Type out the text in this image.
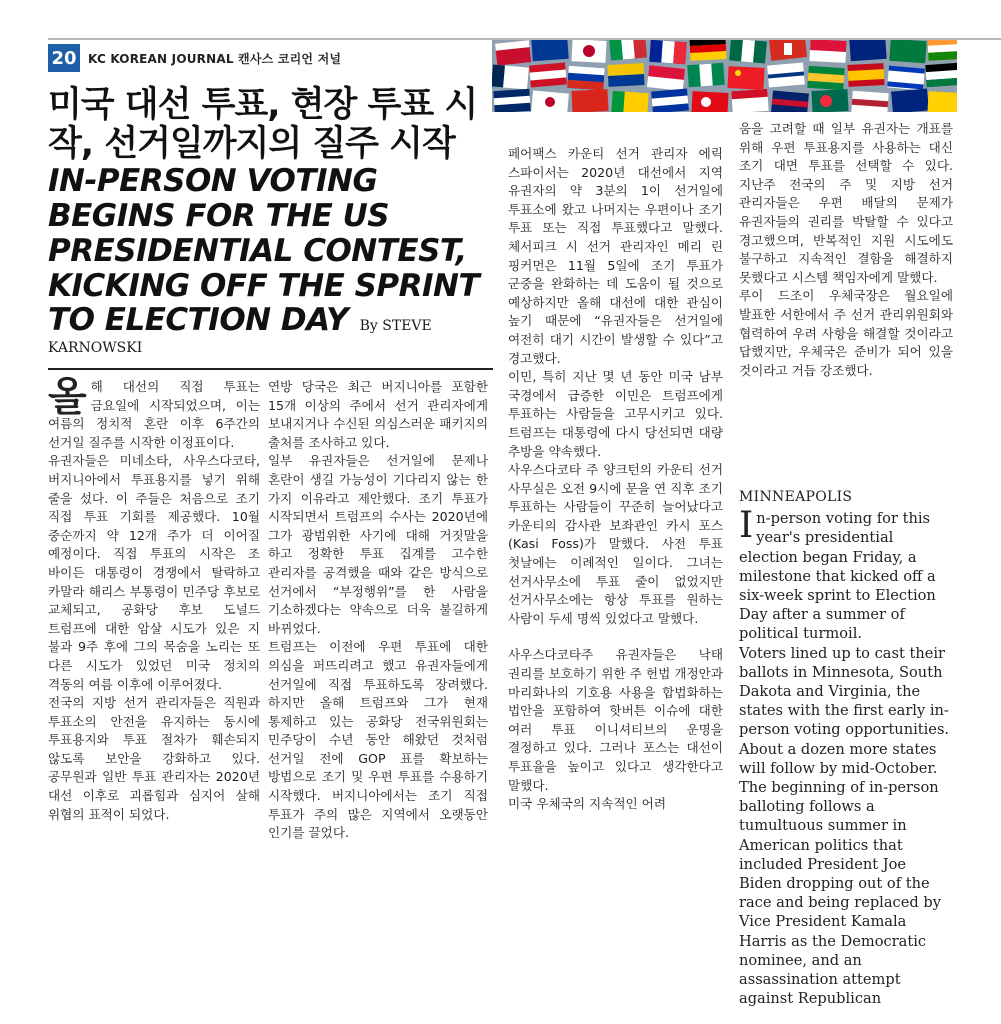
20 KC KOREAN JOURNAL 캔사스 코리언 저널
미국 대선 투표, 현장 투표 시작, 선거일까지의 질주 시작 IN-PERSON VOTING BEGINS FOR THE US PRESIDENTIAL CONTEST, KICKING OFF THE SPRINT TO ELECTION DAY By STEVE KARNOWSKI

올해 대선의 직접 투표는 금요일에 시작되었으며, 이는 여름의 정치적 혼란 이후 6주간의 선거일 질주를 시작한 이정표이다.

유권자들은 미네소타, 사우스다코타, 버지니아에서 투표용지를 넣기 위해 줄을 섰다. 이 주들은 처음으로 조기 직접 투표 기회를 제공했다. 10월 중순까지 약 12개 주가 더 이어질 예정이다. 직접 투표의 시작은 조 바이든 대통령이 경쟁에서 탈락하고 카말라 해리스 부통령이 민주당 후보로 교체되고, 공화당 후보 도널드 트럼프에 대한 암살 시도가 있은 지 불과 9주 후에 그의 목숨을 노리는 또 다른 시도가 있었던 미국 정치의 격동의 여름 이후에 이루어졌다.

전국의 지방 선거 관리자들은 직원과 투표소의 안전을 유지하는 동시에 투표용지와 투표 절차가 훼손되지 않도록 보안을 강화하고 있다. 공무원과 일반 투표 관리자는 2020년 대선 이후로 괴롭힘과 심지어 살해 위협의 표적이 되었다.

연방 당국은 최근 버지니아를 포함한 15개 이상의 주에서 선거 관리자에게 보내지거나 수신된 의심스러운 패키지의 출처를 조사하고 있다.

일부 유권자들은 선거일에 문제나 혼란이 생길 가능성이 기다리지 않는 한 가지 이유라고 제안했다. 조기 투표가 시작되면서 트럼프의 수사는 2020년에 그가 광범위한 사기에 대해 거짓말을 하고 정확한 투표 집계를 고수한 관리자를 공격했을 때와 같은 방식으로 선거에서 “부정행위”를 한 사람을 기소하겠다는 약속으로 더욱 불길하게 바뀌었다.

트럼프는 이전에 우편 투표에 대한 의심을 퍼뜨리려고 했고 유권자들에게 선거일에 직접 투표하도록 장려했다. 하지만 올해 트럼프와 그가 현재 통제하고 있는 공화당 전국위원회는 민주당이 수년 동안 해왔던 것처럼 선거일 전에 GOP 표를 확보하는 방법으로 조기 및 우편 투표를 수용하기 시작했다. 버지니아에서는 조기 직접 투표가 주의 많은 지역에서 오랫동안 인기를 끌었다.

페어팩스 카운티 선거 관리자 에릭 스파이서는 2020년 대선에서 지역 유권자의 약 3분의 1이 선거일에 투표소에 왔고 나머지는 우편이나 조기 투표 또는 직접 투표했다고 말했다. 체서피크 시 선거 관리자인 메리 린 핑커먼은 11월 5일에 조기 투표가 군중을 완화하는 데 도움이 될 것으로 예상하지만 올해 대선에 대한 관심이 높기 때문에 “유권자들은 선거일에 여전히 대기 시간이 발생할 수 있다”고 경고했다.

이민, 특히 지난 몇 년 동안 미국 남부 국경에서 급증한 이민은 트럼프에게 투표하는 사람들을 고무시키고 있다. 트럼프는 대통령에 다시 당선되면 대량 추방을 약속했다.

사우스다코타 주 양크턴의 카운티 선거 사무실은 오전 9시에 문을 연 직후 조기 투표하는 사람들이 꾸준히 늘어났다고 카운티의 감사관 보좌관인 카시 포스(Kasi Foss)가 말했다. 사전 투표 첫날에는 이례적인 일이다. 그녀는 선거사무소에 투표 줄이 없었지만 선거사무소에는 항상 투표를 원하는 사람이 두세 명씩 있었다고 말했다.

사우스다코타주 유권자들은 낙태 권리를 보호하기 위한 주 헌법 개정안과 마리화나의 기호용 사용을 합법화하는 법안을 포함하여 핫버튼 이슈에 대한 여러 투표 이니셔티브의 운명을 결정하고 있다. 그러나 포스는 대선이 투표율을 높이고 있다고 생각한다고 말했다.

미국 우체국의 지속적인 어려

움을 고려할 때 일부 유권자는 개표를 위해 우편 투표용지를 사용하는 대신 조기 대면 투표를 선택할 수 있다. 지난주 전국의 주 및 지방 선거 관리자들은 우편 배달의 문제가 유권자들의 권리를 박탈할 수 있다고 경고했으며, 반복적인 지원 시도에도 불구하고 지속적인 결함을 해결하지 못했다고 시스템 책임자에게 말했다.

루이 드조이 우체국장은 월요일에 발표한 서한에서 주 선거 관리위원회와 협력하여 우려 사항을 해결할 것이라고 답했지만, 우체국은 준비가 되어 있을 것이라고 거듭 강조했다.

MINNEAPOLIS

In-person voting for this year's presidential election began Friday, a milestone that kicked off a six-week sprint to Election Day after a summer of political turmoil.

Voters lined up to cast their ballots in Minnesota, South Dakota and Virginia, the states with the first early in-person voting opportunities. About a dozen more states will follow by mid-October. The beginning of in-person balloting follows a tumultuous summer in American politics that included President Joe Biden dropping out of the race and being replaced by Vice President Kamala Harris as the Democratic nominee, and an assassination attempt against Republican
